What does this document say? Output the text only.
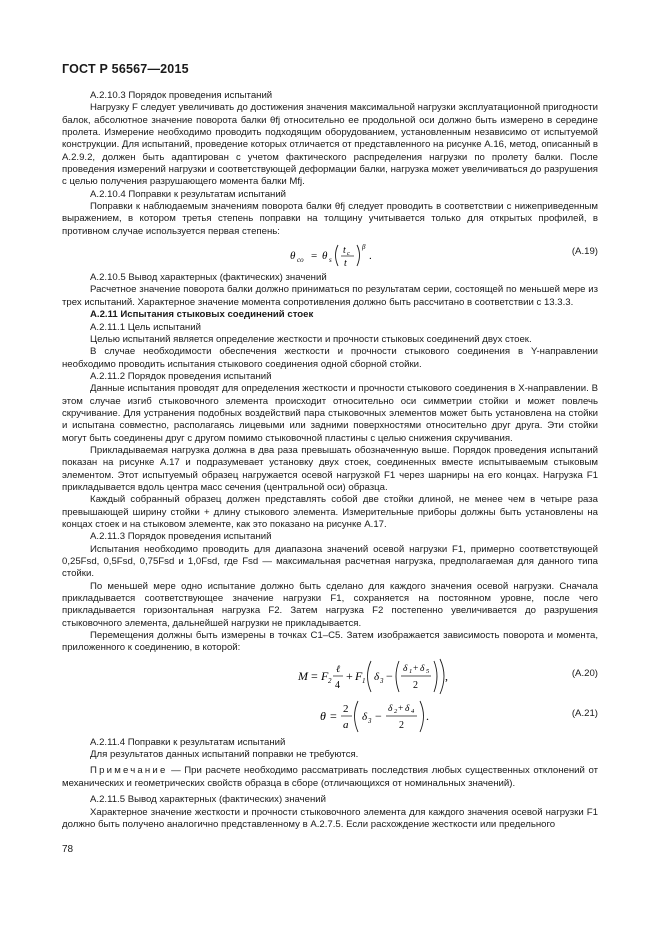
ГОСТ Р 56567—2015

А.2.10.3 Порядок проведения испытаний

Нагрузку F следует увеличивать до достижения значения максимальной нагрузки эксплуатационной пригодности балок, абсолютное значение поворота балки θfj относительно ее продольной оси должно быть измерено в середине пролета. Измерение необходимо проводить подходящим оборудованием, установленным независимо от испытуемой конструкции. Для испытаний, проведение которых отличается от представленного на рисунке А.16, метод, описанный в А.2.9.2, должен быть адаптирован с учетом фактического распределения нагрузки по пролету балки. После проведения измерений нагрузки и соответствующей деформации балки, нагрузка может увеличиваться до разрушения с целью получения разрушающего момента балки Mfj.

А.2.10.4 Поправки к результатам испытаний

Поправки к наблюдаемым значениям поворота балки θfj следует проводить в соответствии с нижеприведенным выражением, в котором третья степень поправки на толщину учитывается только для открытых профилей, в противном случае используется первая степень:

θ co = θ s
t c
t
β
.	(А.19)

А.2.10.5 Вывод характерных (фактических) значений

Расчетное значение поворота балки должно приниматься по результатам серии, состоящей по меньшей мере из трех испытаний. Характерное значение момента сопротивления должно быть рассчитано в соответствии с 13.3.3.

А.2.11 Испытания стыковых соединений стоек

А.2.11.1 Цель испытаний

Целью испытаний является определение жесткости и прочности стыковых соединений двух стоек.

В случае необходимости обеспечения жесткости и прочности стыкового соединения в Y-направлении необходимо проводить испытания стыкового соединения одной сборной стойки.

А.2.11.2 Порядок проведения испытаний

Данные испытания проводят для определения жесткости и прочности стыкового соединения в X-направлении. В этом случае изгиб стыковочного элемента происходит относительно оси симметрии стойки и может повлечь скручивание. Для устранения подобных воздействий пара стыковочных элементов может быть установлена на стойки и испытана совместно, располагаясь лицевыми или задними поверхностями относительно друг друга. Эти стойки могут быть соединены друг с другом помимо стыковочной пластины с целью снижения скручивания.

Прикладываемая нагрузка должна в два раза превышать обозначенную выше. Порядок проведения испытаний показан на рисунке А.17 и подразумевает установку двух стоек, соединенных вместе испытываемым стыковым элементом. Этот испытуемый образец нагружается осевой нагрузкой F1 через шарниры на его концах. Нагрузка F1 прикладывается вдоль центра масс сечения (центральной оси) образца.

Каждый собранный образец должен представлять собой две стойки длиной, не менее чем в четыре раза превышающей ширину стойки + длину стыкового элемента. Измерительные приборы должны быть установлены на концах стоек и на стыковом элементе, как это показано на рисунке А.17.

А.2.11.3 Порядок проведения испытаний

Испытания необходимо проводить для диапазона значений осевой нагрузки F1, примерно соответствующей 0,25Fsd, 0,5Fsd, 0,75Fsd и 1,0Fsd, где Fsd — максимальная расчетная нагрузка, предполагаемая для данного типа стойки.

По меньшей мере одно испытание должно быть сделано для каждого значения осевой нагрузки. Сначала прикладывается соответствующее значение нагрузки F1, сохраняется на постоянном уровне, после чего прикладывается горизонтальная нагрузка F2. Затем нагрузка F2 постепенно увеличивается до разрушения стыковочного элемента, дальнейшей нагрузки не прикладывается.

Перемещения должны быть измерены в точках C1–C5. Затем изображается зависимость поворота и момента, приложенного к соединению, в которой:

M = F 2
ℓ
4
+ F 1 δ 3 − δ 1 + δ 5
2
,	(А.20)
θ = 2
a
δ 3 − δ 2 + δ 4
2
.	(А.21)

А.2.11.4 Поправки к результатам испытаний

Для результатов данных испытаний поправки не требуются.

Примечание — При расчете необходимо рассматривать последствия любых существенных отклонений от механических и геометрических свойств образца в сборе (отличающихся от номинальных значений).

А.2.11.5 Вывод характерных (фактических) значений

Характерное значение жесткости и прочности стыковочного элемента для каждого значения осевой нагрузки F1 должно быть получено аналогично представленному в А.2.7.5. Если расхождение жесткости или предельного

78
